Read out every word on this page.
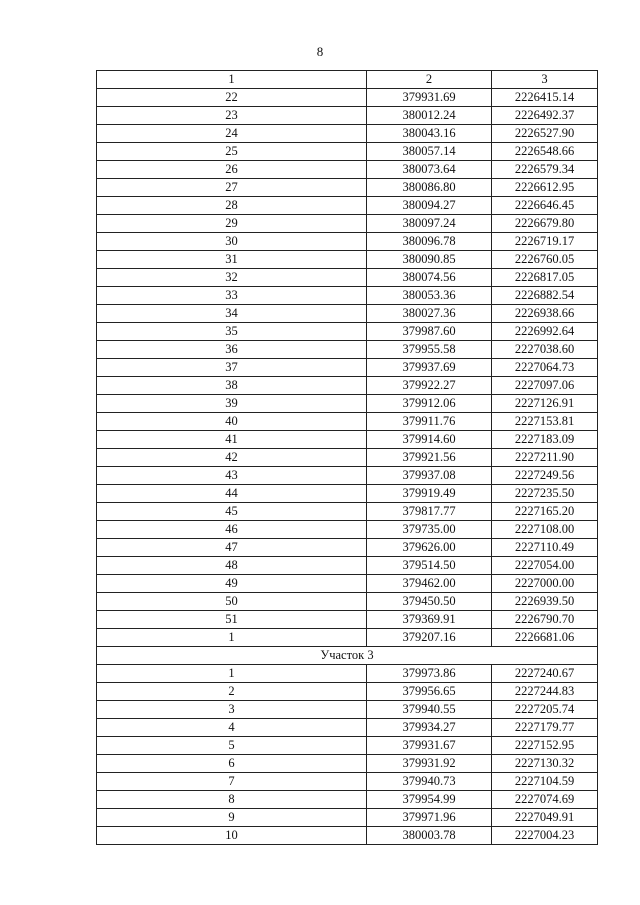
8
1	2	3
22	379931.69	2226415.14
23	380012.24	2226492.37
24	380043.16	2226527.90
25	380057.14	2226548.66
26	380073.64	2226579.34
27	380086.80	2226612.95
28	380094.27	2226646.45
29	380097.24	2226679.80
30	380096.78	2226719.17
31	380090.85	2226760.05
32	380074.56	2226817.05
33	380053.36	2226882.54
34	380027.36	2226938.66
35	379987.60	2226992.64
36	379955.58	2227038.60
37	379937.69	2227064.73
38	379922.27	2227097.06
39	379912.06	2227126.91
40	379911.76	2227153.81
41	379914.60	2227183.09
42	379921.56	2227211.90
43	379937.08	2227249.56
44	379919.49	2227235.50
45	379817.77	2227165.20
46	379735.00	2227108.00
47	379626.00	2227110.49
48	379514.50	2227054.00
49	379462.00	2227000.00
50	379450.50	2226939.50
51	379369.91	2226790.70
1	379207.16	2226681.06
Участок 3		
1	379973.86	2227240.67
2	379956.65	2227244.83
3	379940.55	2227205.74
4	379934.27	2227179.77
5	379931.67	2227152.95
6	379931.92	2227130.32
7	379940.73	2227104.59
8	379954.99	2227074.69
9	379971.96	2227049.91
10	380003.78	2227004.23
